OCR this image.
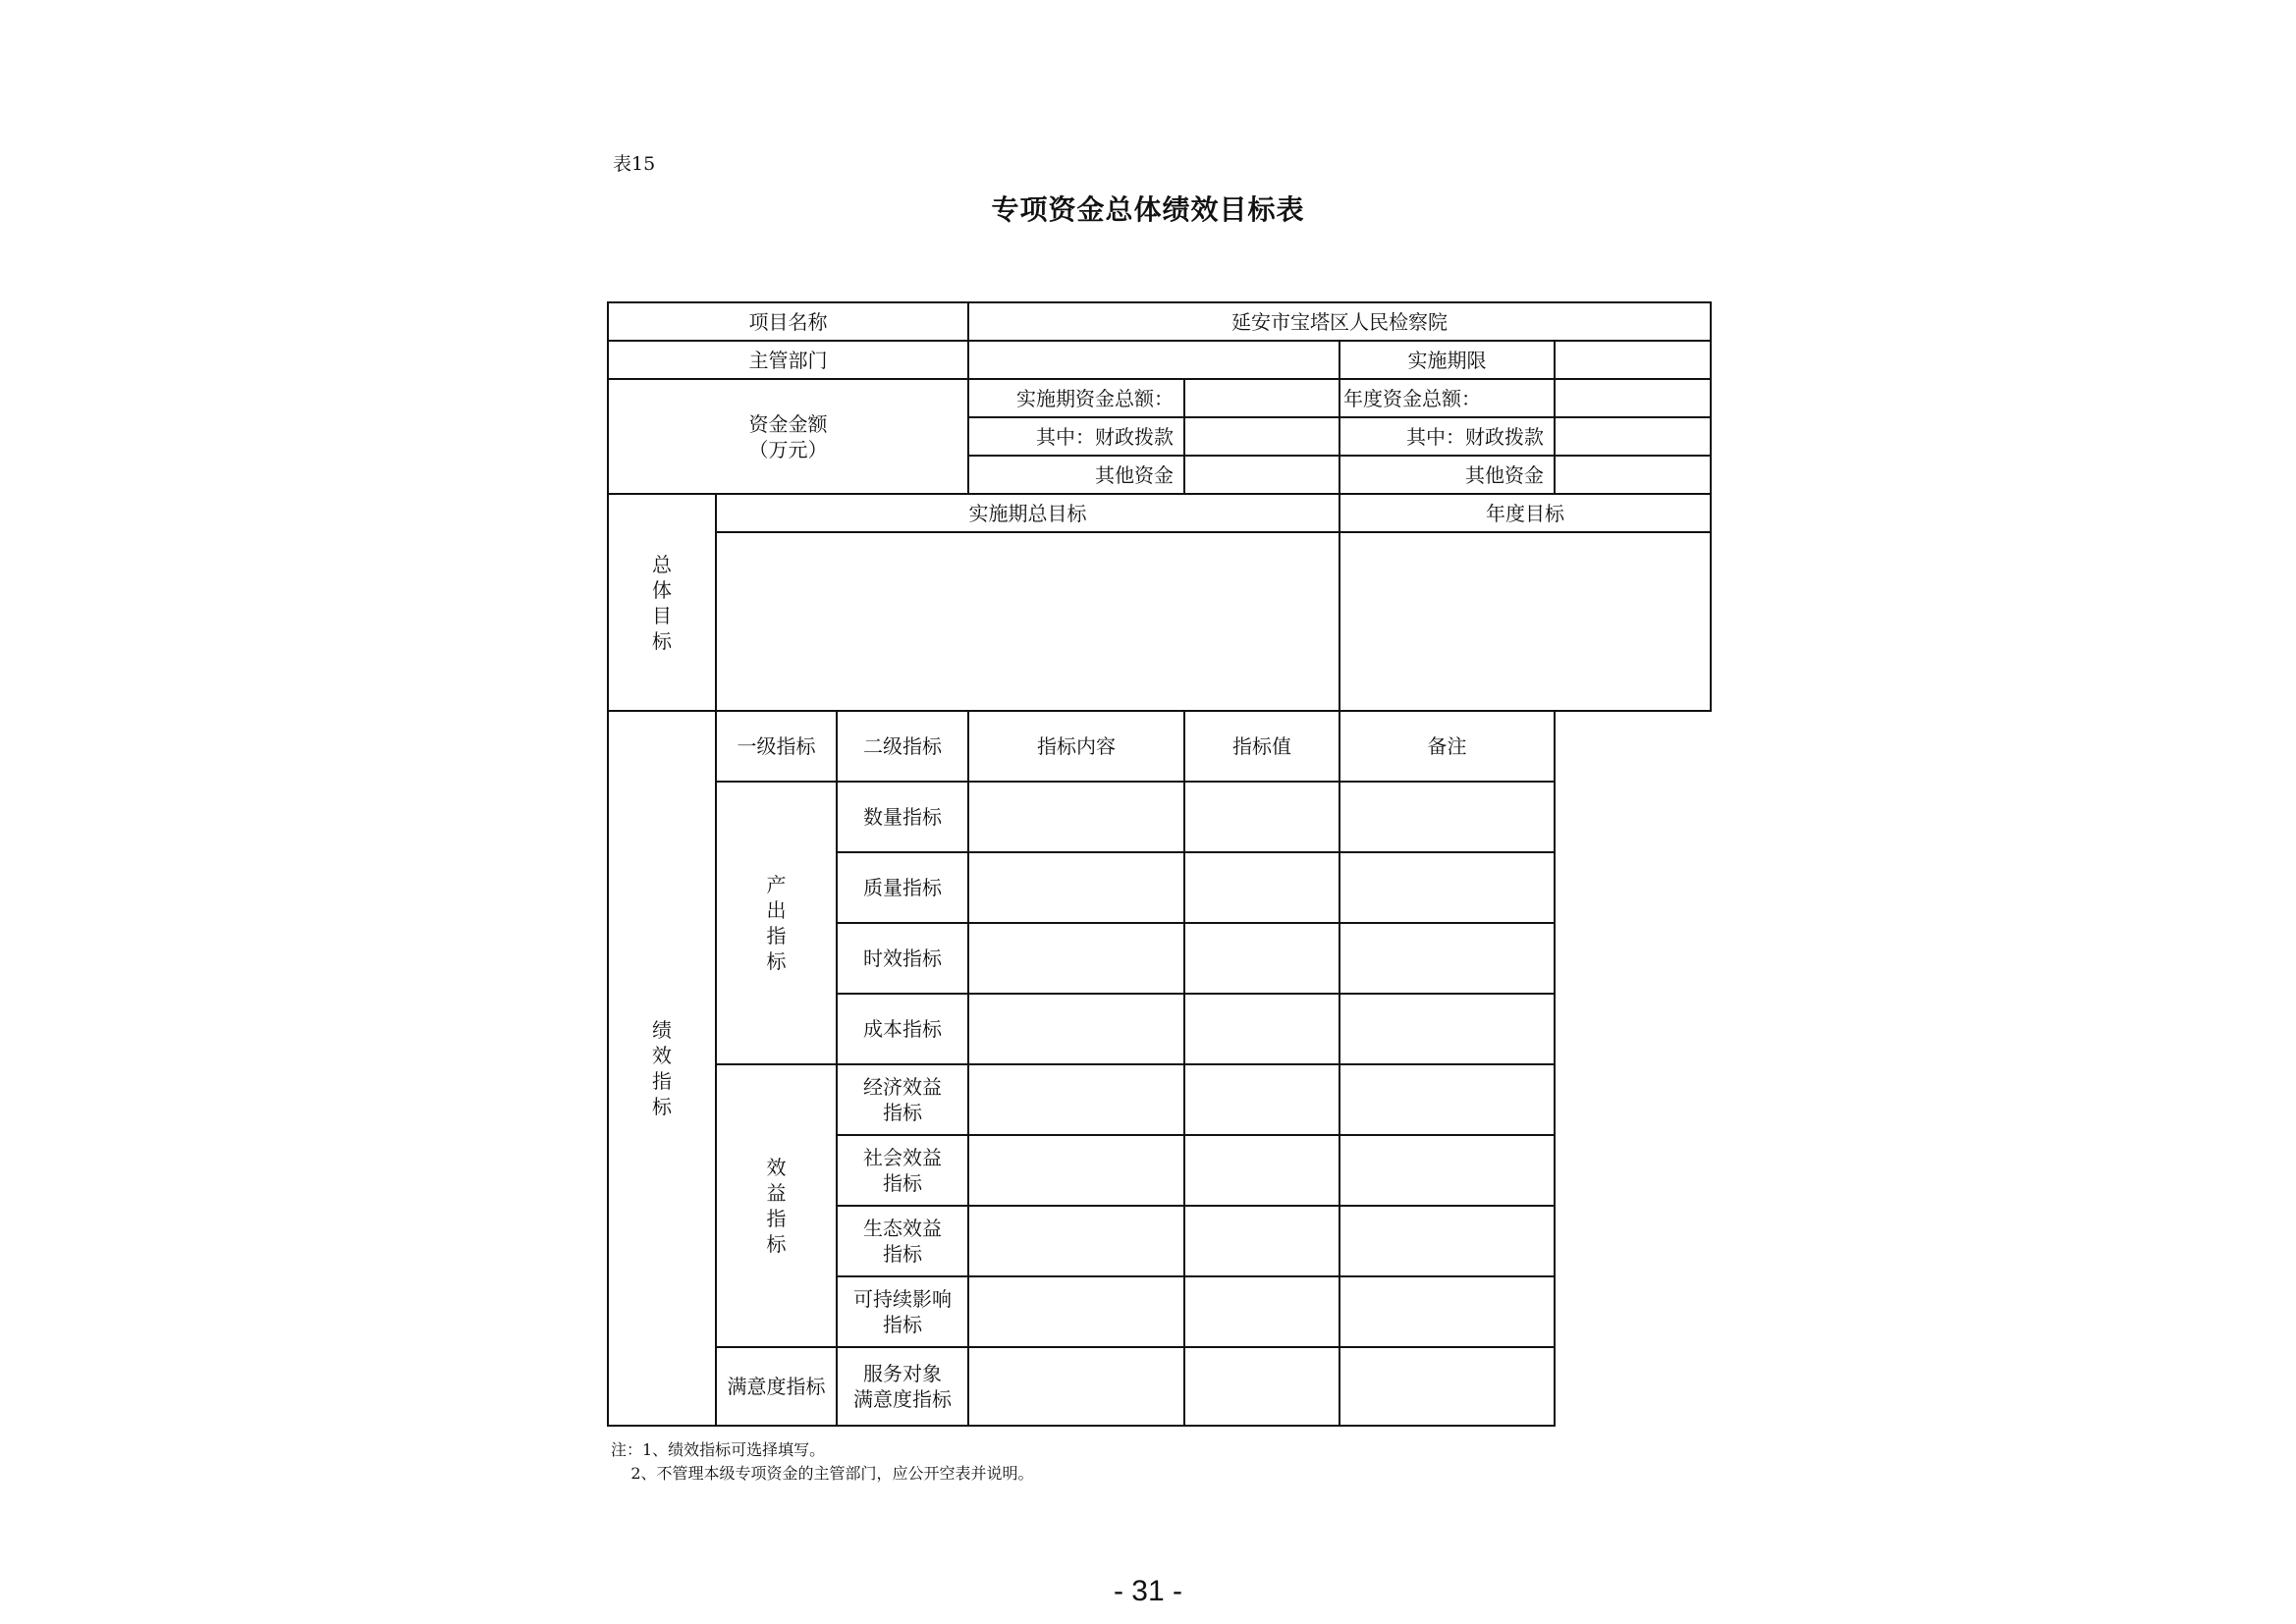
表15
专项资金总体绩效目标表
项目名称			延安市宝塔区人民检察院			
主管部门					实施期限	

资金金额
（万元）			实施期资金总额：		年度资金总额：	
			其中：财政拨款		其中：财政拨款	
			其他资金		其他资金	

总
体
目
标	实施期总目标				年度目标	

绩
效
指
标	一级指标	二级指标	指标内容	指标值	备注	

	产
出
指
标	数量指标				
		质量指标				
		时效指标				
		成本指标				

	效
益
指
标	经济效益
指标				

		社会效益
指标				

		生态效益
指标				

		可持续影响
指标				

	满意度指标	服务对象
满意度指标				

注：1、绩效指标可选择填写。
2、不管理本级专项资金的主管部门，应公开空表并说明。
- 31 -
